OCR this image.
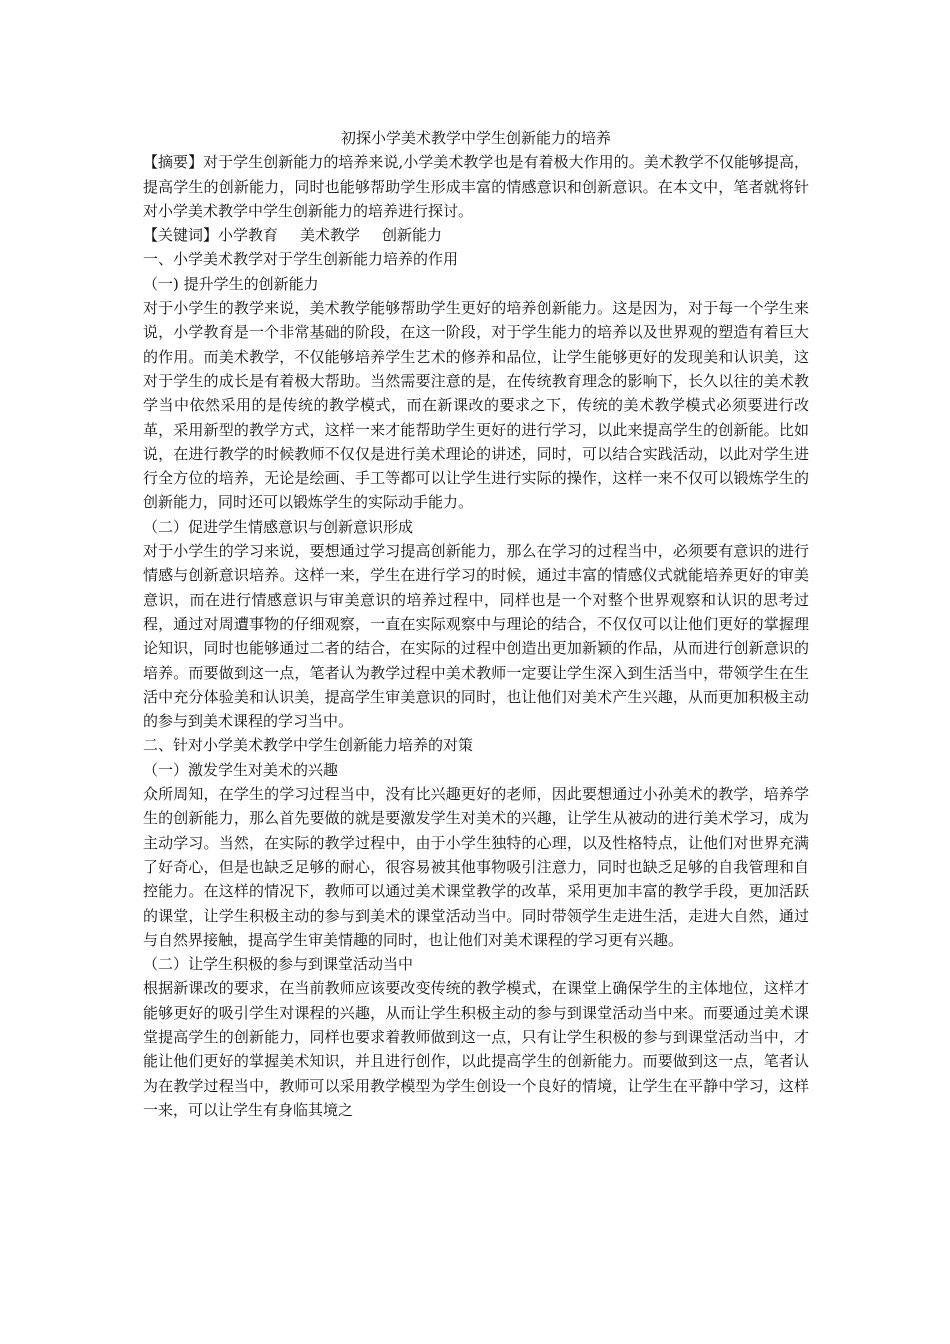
初探小学美术教学中学生创新能力的培养

【摘要】对于学生创新能力的培养来说,小学美术教学也是有着极大作用的。美术教学不仅能够提高，提高学生的创新能力，同时也能够帮助学生形成丰富的情感意识和创新意识。在本文中，笔者就将针对小学美术教学中学生创新能力的培养进行探讨。

【关键词】小学教育 美术教学 创新能力

一、小学美术教学对于学生创新能力培养的作用

（一) 提升学生的创新能力

对于小学生的教学来说，美术教学能够帮助学生更好的培养创新能力。这是因为，对于每一个学生来说，小学教育是一个非常基础的阶段，在这一阶段，对于学生能力的培养以及世界观的塑造有着巨大的作用。而美术教学，不仅能够培养学生艺术的修养和品位，让学生能够更好的发现美和认识美，这对于学生的成长是有着极大帮助。当然需要注意的是，在传统教育理念的影响下，长久以往的美术教学当中依然采用的是传统的教学模式，而在新课改的要求之下，传统的美术教学模式必须要进行改革，采用新型的教学方式，这样一来才能帮助学生更好的进行学习，以此来提高学生的创新能。比如说，在进行教学的时候教师不仅仅是进行美术理论的讲述，同时，可以结合实践活动，以此对学生进行全方位的培养，无论是绘画、手工等都可以让学生进行实际的操作，这样一来不仅可以锻炼学生的创新能力，同时还可以锻炼学生的实际动手能力。

（二）促进学生情感意识与创新意识形成

对于小学生的学习来说，要想通过学习提高创新能力，那么在学习的过程当中，必须要有意识的进行情感与创新意识培养。这样一来，学生在进行学习的时候，通过丰富的情感仪式就能培养更好的审美意识，而在进行情感意识与审美意识的培养过程中，同样也是一个对整个世界观察和认识的思考过程，通过对周遭事物的仔细观察，一直在实际观察中与理论的结合，不仅仅可以让他们更好的掌握理论知识，同时也能够通过二者的结合，在实际的过程中创造出更加新颖的作品，从而进行创新意识的培养。而要做到这一点，笔者认为教学过程中美术教师一定要让学生深入到生活当中，带领学生在生活中充分体验美和认识美，提高学生审美意识的同时，也让他们对美术产生兴趣，从而更加积极主动的参与到美术课程的学习当中。

二、针对小学美术教学中学生创新能力培养的对策

（一）激发学生对美术的兴趣

众所周知，在学生的学习过程当中，没有比兴趣更好的老师，因此要想通过小孙美术的教学，培养学生的创新能力，那么首先要做的就是要激发学生对美术的兴趣，让学生从被动的进行美术学习，成为主动学习。当然，在实际的教学过程中，由于小学生独特的心理，以及性格特点，让他们对世界充满了好奇心，但是也缺乏足够的耐心，很容易被其他事物吸引注意力，同时也缺乏足够的自我管理和自控能力。在这样的情况下，教师可以通过美术课堂教学的改革，采用更加丰富的教学手段，更加活跃的课堂，让学生积极主动的参与到美术的课堂活动当中。同时带领学生走进生活，走进大自然，通过与自然界接触，提高学生审美情趣的同时，也让他们对美术课程的学习更有兴趣。

（二）让学生积极的参与到课堂活动当中

根据新课改的要求，在当前教师应该要改变传统的教学模式，在课堂上确保学生的主体地位，这样才能够更好的吸引学生对课程的兴趣，从而让学生积极主动的参与到课堂活动当中来。而要通过美术课堂提高学生的创新能力，同样也要求着教师做到这一点，只有让学生积极的参与到课堂活动当中，才能让他们更好的掌握美术知识，并且进行创作，以此提高学生的创新能力。而要做到这一点，笔者认为在教学过程当中，教师可以采用教学模型为学生创设一个良好的情境，让学生在平静中学习，这样一来，可以让学生有身临其境之
